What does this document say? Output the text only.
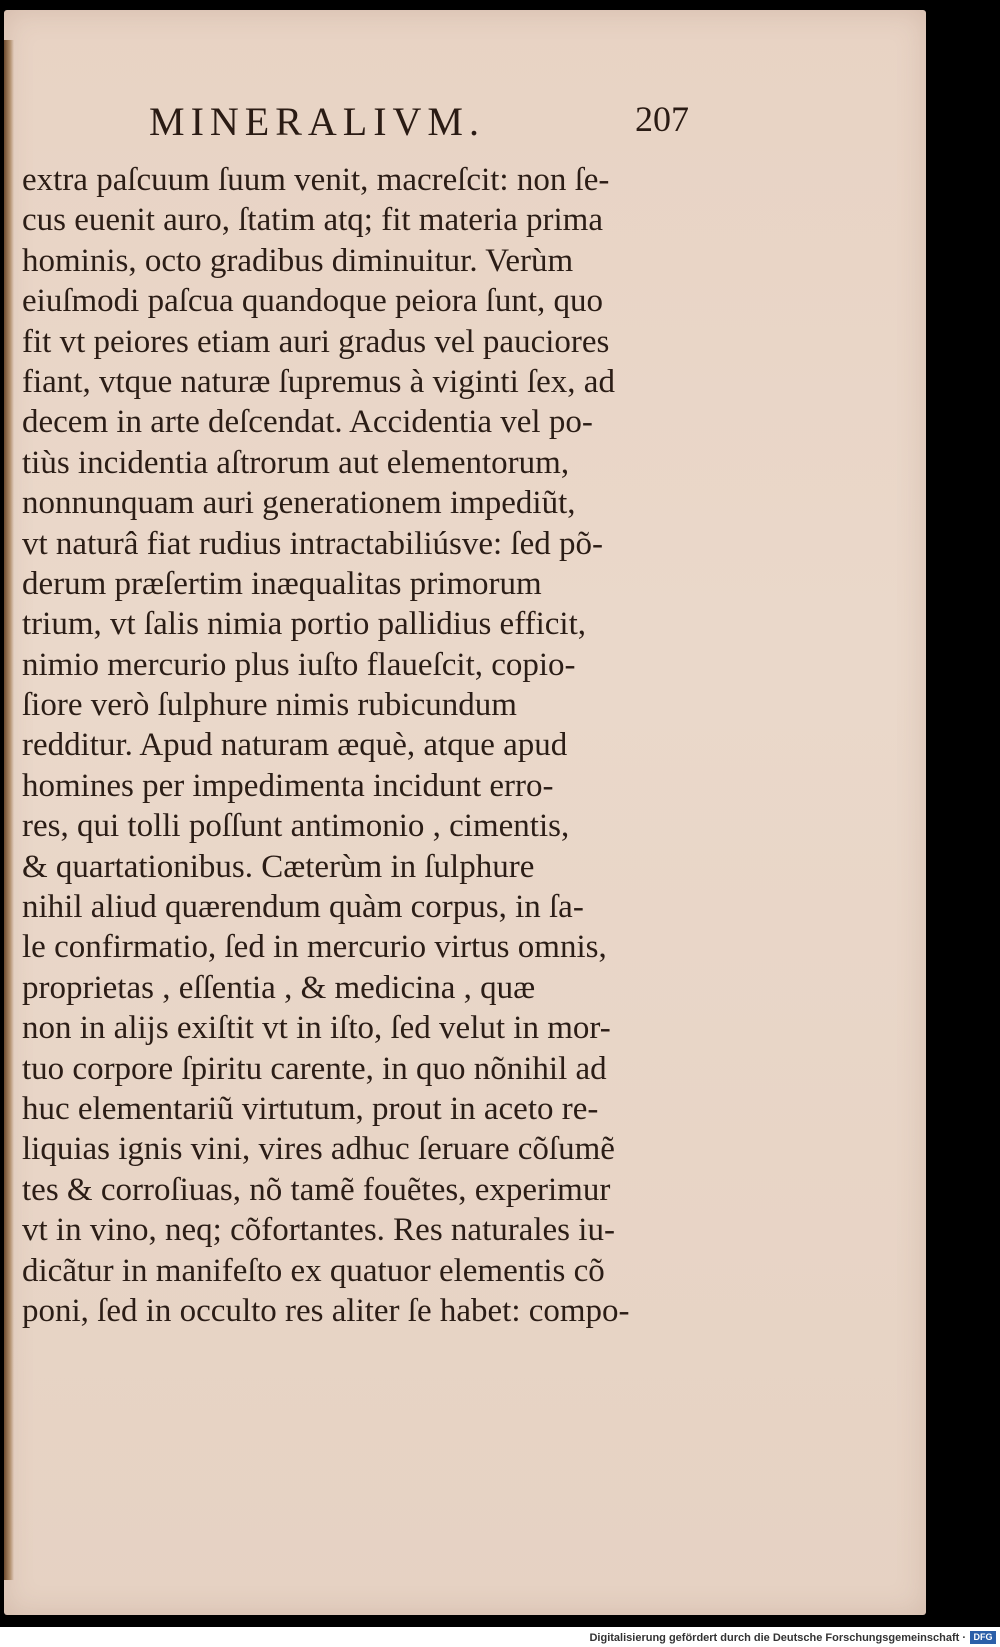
MINERALIVM.	207
extra paſcuum ſuum venit, macreſcit: non ſe-
cus euenit auro, ſtatim atq; fit materia prima
hominis, octo gradibus diminuitur. Verùm
eiuſmodi paſcua quandoque peiora ſunt, quo
fit vt peiores etiam auri gradus vel pauciores
fiant, vtque naturæ ſupremus à viginti ſex, ad
decem in arte deſcendat. Accidentia vel po-
tiùs incidentia aſtrorum aut elementorum,
nonnunquam auri generationem impediũt,
vt naturâ fiat rudius intractabiliúsve: ſed põ-
derum præſertim inæqualitas primorum
trium, vt ſalis nimia portio pallidius efficit,
nimio mercurio plus iuſto flaueſcit, copio-
ſiore verò ſulphure nimis rubicundum
redditur. Apud naturam æquè, atque apud
homines per impedimenta incidunt erro-
res, qui tolli poſſunt antimonio , cimentis,
& quartationibus. Cæterùm in ſulphure
nihil aliud quærendum quàm corpus, in ſa-
le confirmatio, ſed in mercurio virtus omnis,
proprietas , eſſentia , & medicina , quæ
non in alijs exiſtit vt in iſto, ſed velut in mor-
tuo corpore ſpiritu carente, in quo nõnihil ad
huc elementariũ virtutum, prout in aceto re-
liquias ignis vini, vires adhuc ſeruare cõſumẽ
tes & corroſiuas, nõ tamẽ fouẽtes, experimur
vt in vino, neq; cõfortantes. Res naturales iu-
dicãtur in manifeſto ex quatuor elementis cõ
poni, ſed in occulto res aliter ſe habet: compo-
Digitalisierung gefördert durch die Deutsche Forschungsgemeinschaft · DFG
